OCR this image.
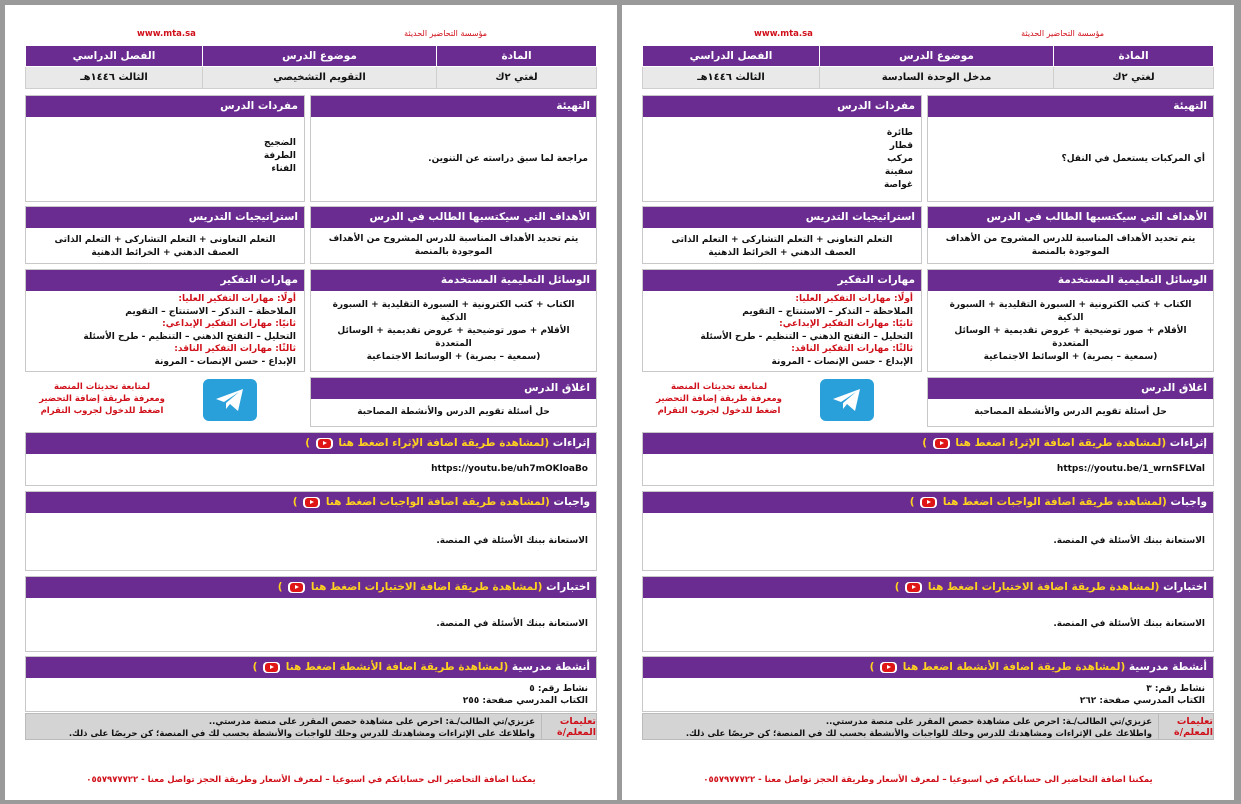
مؤسسة التحاضير الحديثة
www.mta.sa
المادة	موضوع الدرس	الفصل الدراسي
لغتي ٢ك	مدخل الوحدة السادسة	الثالث ١٤٤٦هـ
التهيئة
أي المركبات يستعمل في النقل؟
مفردات الدرس
طائرة
قطار
مركب
سفينة
غواصة
الأهداف التي سيكتسبها الطالب في الدرس
يتم تحديد الأهداف المناسبة للدرس المشروح من الأهداف الموجودة بالمنصة
استراتيجيات التدريس
التعلم التعاونى + التعلم التشاركى + التعلم الذاتى
العصف الذهني + الخرائط الذهنية
الوسائل التعليمية المستخدمة
الكتاب + كتب الكترونية + السبورة التقليدية + السبورة الذكية
الأقلام + صور توضيحية + عروض تقديمية + الوسائل المتعددة
(سمعية – بصرية) + الوسائط الاجتماعية
مهارات التفكير
أولًا: مهارات التفكير العليا:
الملاحظة – التذكر – الاستنتاج – التقويم
ثانيًا: مهارات التفكير الإبداعي:
التحليل – التفتح الذهني – التنظيم - طرح الأسئلة
ثالثًا: مهارات التفكير الناقد:
الإبداع - حسن الإنصات - المرونة
اغلاق الدرس
حل أسئلة تقويم الدرس والأنشطة المصاحبة
لمتابعة تحديثات المنصة
ومعرفة طريقة إضافة التحضير
اضغط للدخول لجروب التقرام
إثراءات (لمشاهدة طريقة اضافة الإثراء اضغط هنا  )
https://youtu.be/1_wrnSFLVal
واجبات (لمشاهدة طريقة اضافة الواجبات اضغط هنا  )
الاستعانة ببنك الأسئلة في المنصة.
اختبارات (لمشاهدة طريقة اضافة الاختبارات اضغط هنا  )
الاستعانة ببنك الأسئلة في المنصة.
أنشطة مدرسية (لمشاهدة طريقة اضافة الأنشطة اضغط هنا  )
نشاط رقم: ٣
الكتاب المدرسي صفحة: ٢٦٢
تعليمات المعلم/ة
عزيزي/تي الطالب/ـة: احرص على مشاهدة حصص المقرر على منصة مدرستي..
واطلاعك على الإثراءات ومشاهدتك للدرس وحلك للواجبات والأنشطة بحسب لك في المنصة؛ كن حريصًا على ذلك.
يمكننا اضافة التحاضير الى حساباتكم في اسبوعيا – لمعرف الأسعار وطريقة الحجز تواصل معنا - ٠٥٥٧٩٧٧٧٢٢
مؤسسة التحاضير الحديثة
www.mta.sa
المادة	موضوع الدرس	الفصل الدراسي
لغتي ٢ك	التقويم التشخيصي	الثالث ١٤٤٦هـ
التهيئة
مراجعة لما سبق دراسته عن التنوين.
مفردات الدرس
الضجيج
الطرفة
الفناء
الأهداف التي سيكتسبها الطالب في الدرس
يتم تحديد الأهداف المناسبة للدرس المشروح من الأهداف الموجودة بالمنصة
استراتيجيات التدريس
التعلم التعاونى + التعلم التشاركى + التعلم الذاتى
العصف الذهني + الخرائط الذهنية
الوسائل التعليمية المستخدمة
الكتاب + كتب الكترونية + السبورة التقليدية + السبورة الذكية
الأقلام + صور توضيحية + عروض تقديمية + الوسائل المتعددة
(سمعية – بصرية) + الوسائط الاجتماعية
مهارات التفكير
أولًا: مهارات التفكير العليا:
الملاحظة – التذكر – الاستنتاج – التقويم
ثانيًا: مهارات التفكير الإبداعي:
التحليل – التفتح الذهني – التنظيم - طرح الأسئلة
ثالثًا: مهارات التفكير الناقد:
الإبداع - حسن الإنصات - المرونة
اغلاق الدرس
حل أسئلة تقويم الدرس والأنشطة المصاحبة
لمتابعة تحديثات المنصة
ومعرفة طريقة إضافة التحضير
اضغط للدخول لجروب التقرام
إثراءات (لمشاهدة طريقة اضافة الإثراء اضغط هنا  )
https://youtu.be/uh7mOKloaBo
واجبات (لمشاهدة طريقة اضافة الواجبات اضغط هنا  )
الاستعانة ببنك الأسئلة في المنصة.
اختبارات (لمشاهدة طريقة اضافة الاختبارات اضغط هنا  )
الاستعانة ببنك الأسئلة في المنصة.
أنشطة مدرسية (لمشاهدة طريقة اضافة الأنشطة اضغط هنا  )
نشاط رقم: ٥
الكتاب المدرسي صفحة: ٢٥٥
تعليمات المعلم/ة
عزيزي/تي الطالب/ـة: احرص على مشاهدة حصص المقرر على منصة مدرستي..
واطلاعك على الإثراءات ومشاهدتك للدرس وحلك للواجبات والأنشطة بحسب لك في المنصة؛ كن حريصًا على ذلك.
يمكننا اضافة التحاضير الى حساباتكم في اسبوعيا – لمعرف الأسعار وطريقة الحجز تواصل معنا - ٠٥٥٧٩٧٧٧٢٢
